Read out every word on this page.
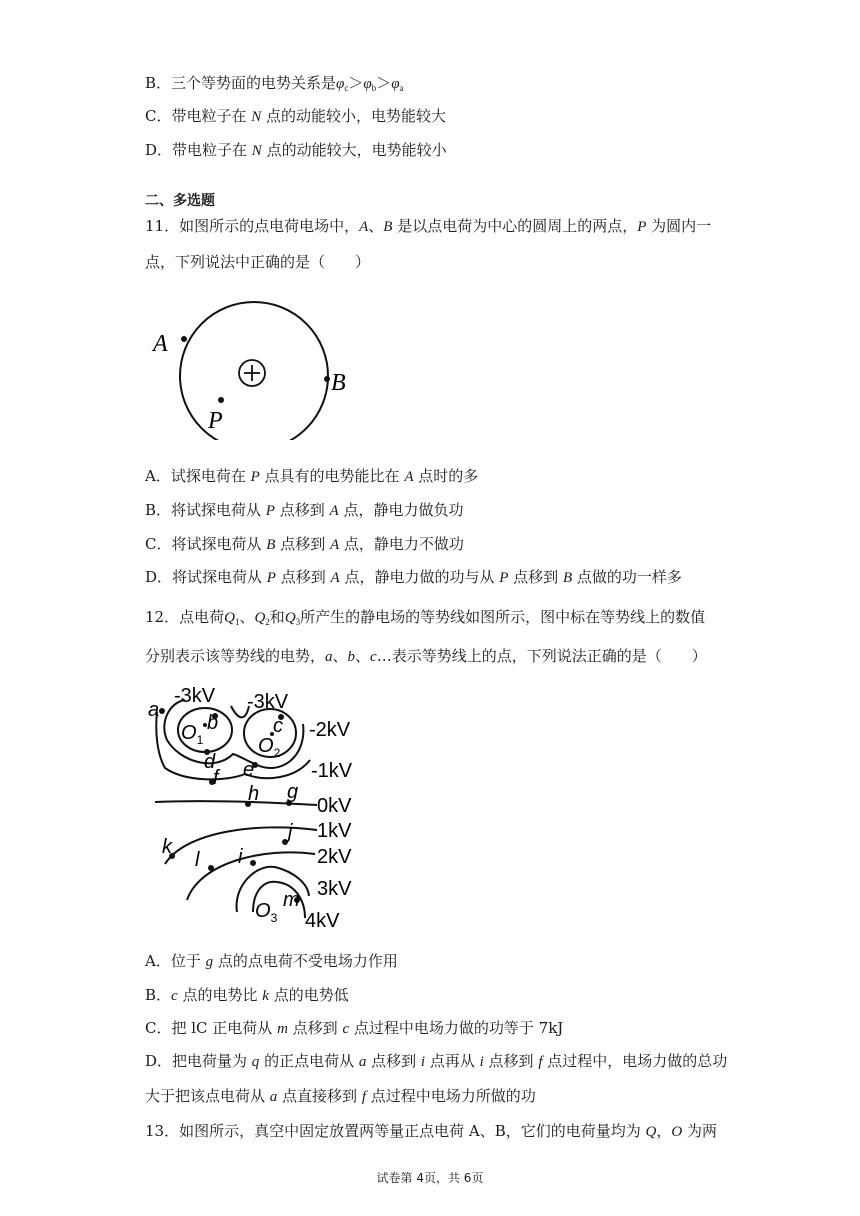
B．三个等势面的电势关系是$\varphi_c>\varphi_b>\varphi_a$
C．带电粒子在 N 点的动能较小，电势能较大
D．带电粒子在 N 点的动能较大，电势能较小
二、多选题
11．如图所示的点电荷电场中，A、B 是以点电荷为中心的圆周上的两点，P 为圆内一
点，下列说法中正确的是（　　）
A
B
P
A．试探电荷在 P 点具有的电势能比在 A 点时的多
B．将试探电荷从 P 点移到 A 点，静电力做负功
C．将试探电荷从 B 点移到 A 点，静电力不做功
D．将试探电荷从 P 点移到 A 点，静电力做的功与从 P 点移到 B 点做的功一样多
12．点电荷$Q_1$、$Q_2$和$Q_3$所产生的静电场的等势线如图所示，图中标在等势线上的数值
分别表示该等势线的电势，a、b、c…表示等势线上的点，下列说法正确的是（　　）
-3kV -3kV
-2kV
-1kV
0kV
1kV
2kV
3kV
4kV
a
b	c
d e
f
g
h
i
j
k
l
m
$O_1$	$O_2$
$O_3$
A．位于 g 点的点电荷不受电场力作用
B．c 点的电势比 k 点的电势低
C．把 lC 正电荷从 m 点移到 c 点过程中电场力做的功等于 7kJ
D．把电荷量为 q 的正点电荷从 a 点移到 i 点再从 i 点移到 f 点过程中，电场力做的总功
大于把该点电荷从 a 点直接移到 f 点过程中电场力所做的功
13．如图所示，真空中固定放置两等量正点电荷 A、B，它们的电荷量均为 Q，O 为两
试卷第 4页，共 6页
